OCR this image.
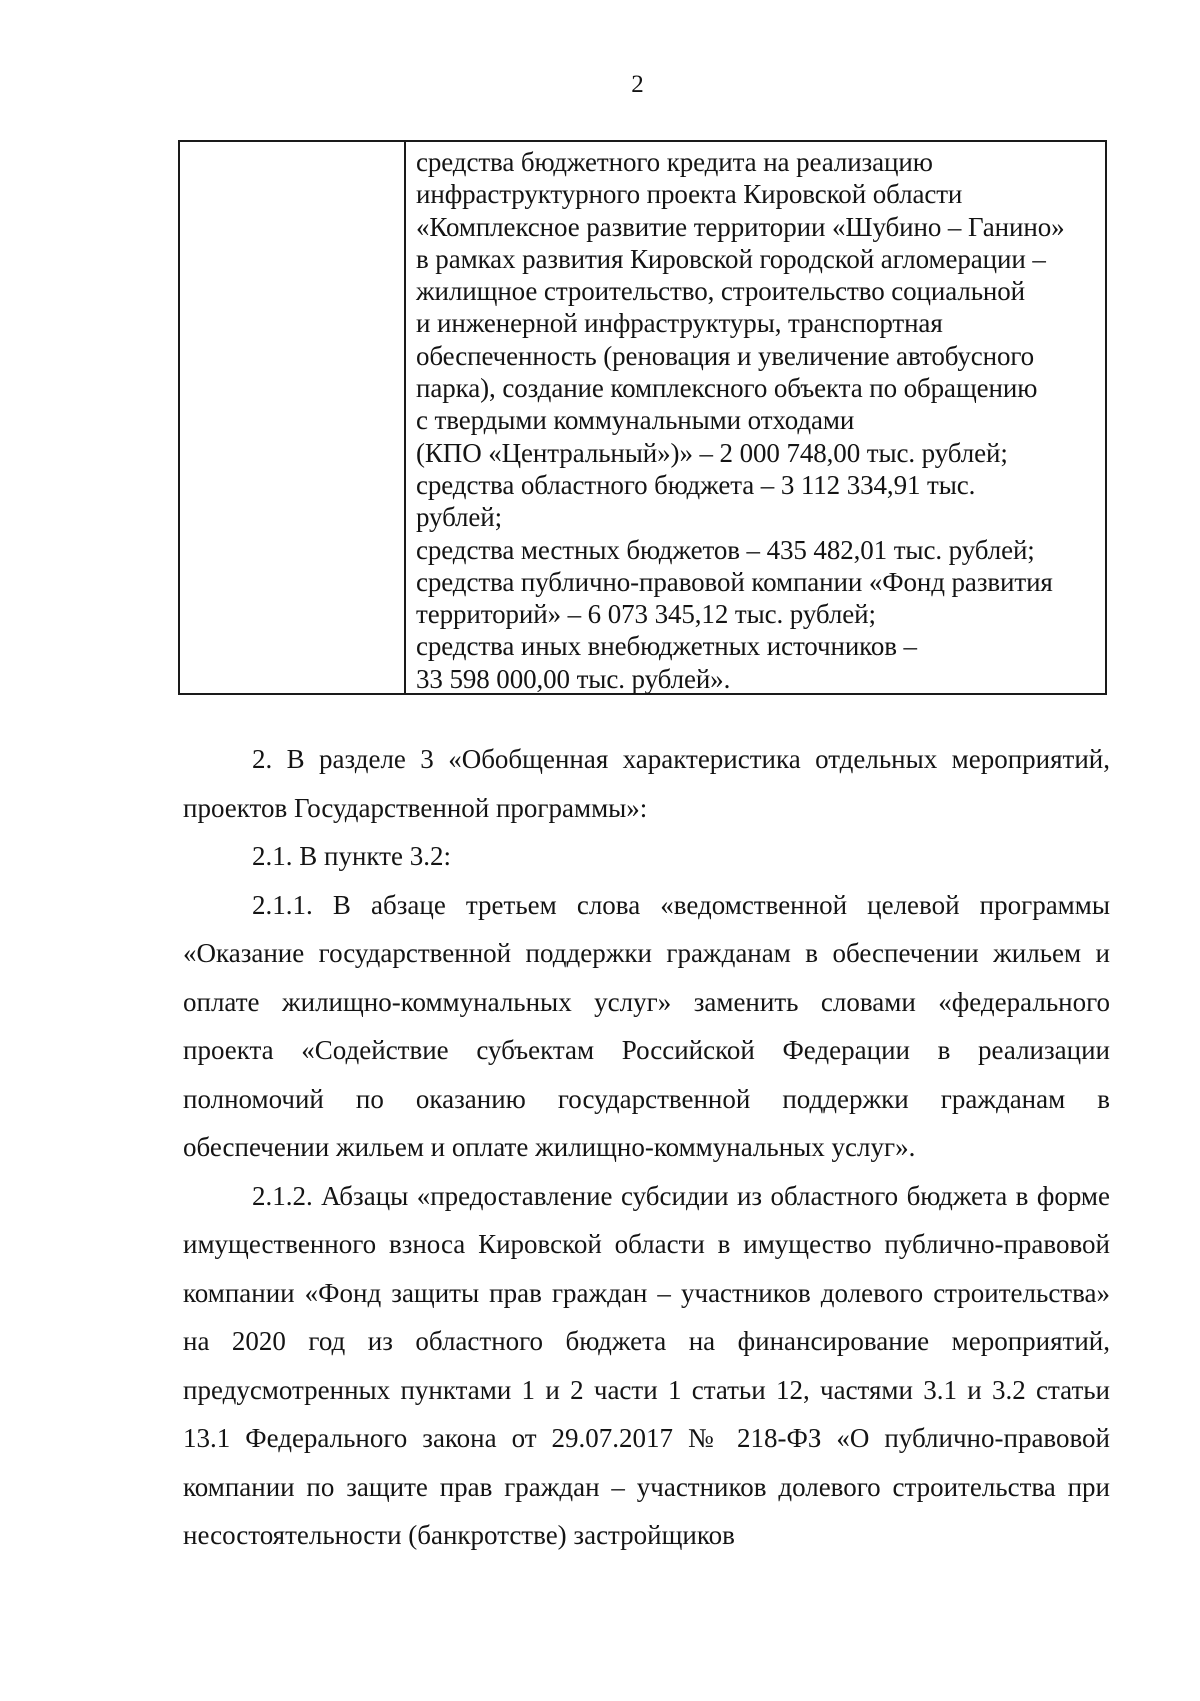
2
средства бюджетного кредита на реализацию
инфраструктурного проекта Кировской области
«Комплексное развитие территории «Шубино – Ганино»
в рамках развития Кировской городской агломерации –
жилищное строительство, строительство социальной
и инженерной инфраструктуры, транспортная
обеспеченность (реновация и увеличение автобусного
парка), создание комплексного объекта по обращению
с твердыми коммунальными отходами
(КПО «Центральный»)» – 2 000 748,00 тыс. рублей;
средства областного бюджета – 3 112 334,91 тыс.
рублей;
средства местных бюджетов – 435 482,01 тыс. рублей;
средства публично-правовой компании «Фонд развития
территорий» – 6 073 345,12 тыс. рублей;
средства иных внебюджетных источников –
33 598 000,00 тыс. рублей».

2. В разделе 3 «Обобщенная характеристика отдельных мероприятий, проектов Государственной программы»:

2.1. В пункте 3.2:

2.1.1. В абзаце третьем слова «ведомственной целевой программы «Оказание государственной поддержки гражданам в обеспечении жильем и оплате жилищно-коммунальных услуг» заменить словами «федерального проекта «Содействие субъектам Российской Федерации в реализации полномочий по оказанию государственной поддержки гражданам в обеспечении жильем и оплате жилищно-коммунальных услуг».

2.1.2. Абзацы «предоставление субсидии из областного бюджета в форме имущественного взноса Кировской области в имущество публично-правовой компании «Фонд защиты прав граждан – участников долевого строительства» на 2020 год из областного бюджета на финансирование мероприятий, предусмотренных пунктами 1 и 2 части 1 статьи 12, частями 3.1 и 3.2 статьи 13.1 Федерального закона от 29.07.2017 № 218-ФЗ «О публично-правовой компании по защите прав граждан – участников долевого строительства при несостоятельности (банкротстве) застройщиков
